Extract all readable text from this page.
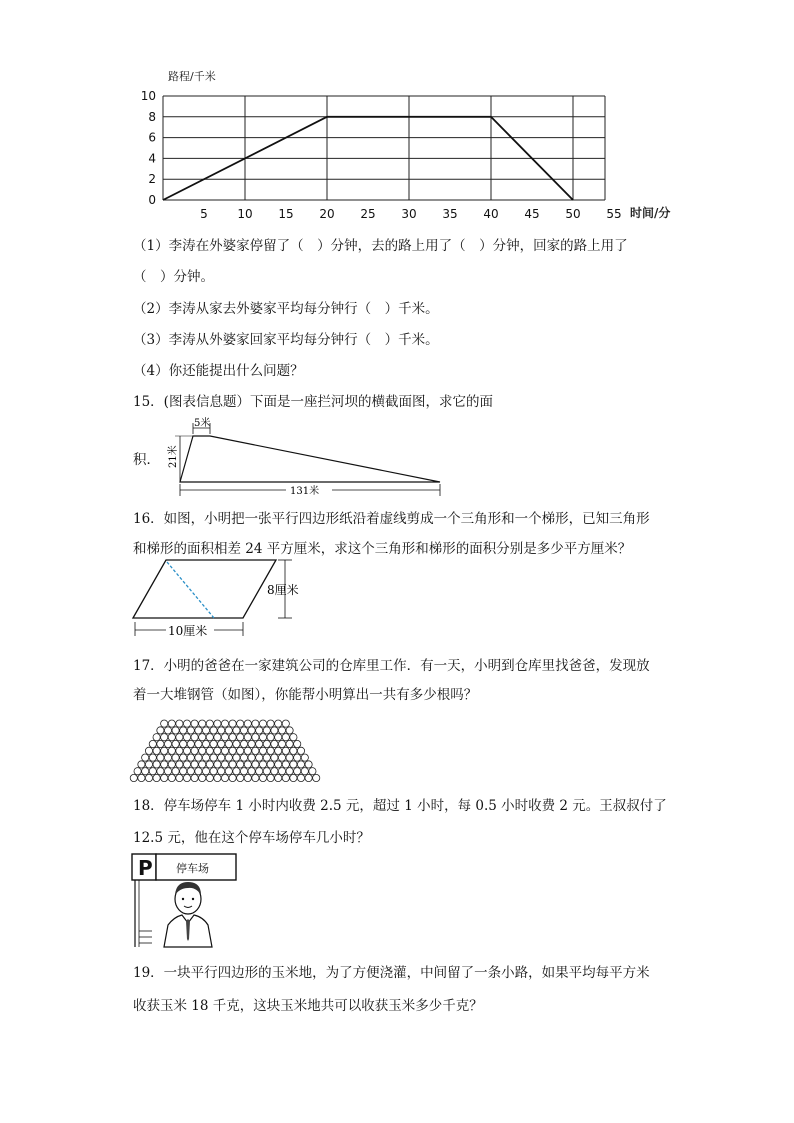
0
2
4
6
8
10
5 10 15 20 25 30 35 40 45 50 55
路程/千米
时间/分
（1）李涛在外婆家停留了（　）分钟，去的路上用了（　）分钟，回家的路上用了
（　）分钟。
（2）李涛从家去外婆家平均每分钟行（　）千米。
（3）李涛从外婆家回家平均每分钟行（　）千米。
（4）你还能提出什么问题？
15．(图表信息题）下面是一座拦河坝的横截面图，求它的面
积．
5米
21米
131米
16．如图，小明把一张平行四边形纸沿着虚线剪成一个三角形和一个梯形，已知三角形
和梯形的面积相差 24 平方厘米，求这个三角形和梯形的面积分别是多少平方厘米？
8厘米
10厘米
17．小明的爸爸在一家建筑公司的仓库里工作．有一天，小明到仓库里找爸爸，发现放
着一大堆钢管（如图），你能帮小明算出一共有多少根吗？
18．停车场停车 1 小时内收费 2.5 元，超过 1 小时，每 0.5 小时收费 2 元。王叔叔付了
12.5 元，他在这个停车场停车几小时？
P 停车场
19．一块平行四边形的玉米地，为了方便浇灌，中间留了一条小路，如果平均每平方米
收获玉米 18 千克，这块玉米地共可以收获玉米多少千克？
